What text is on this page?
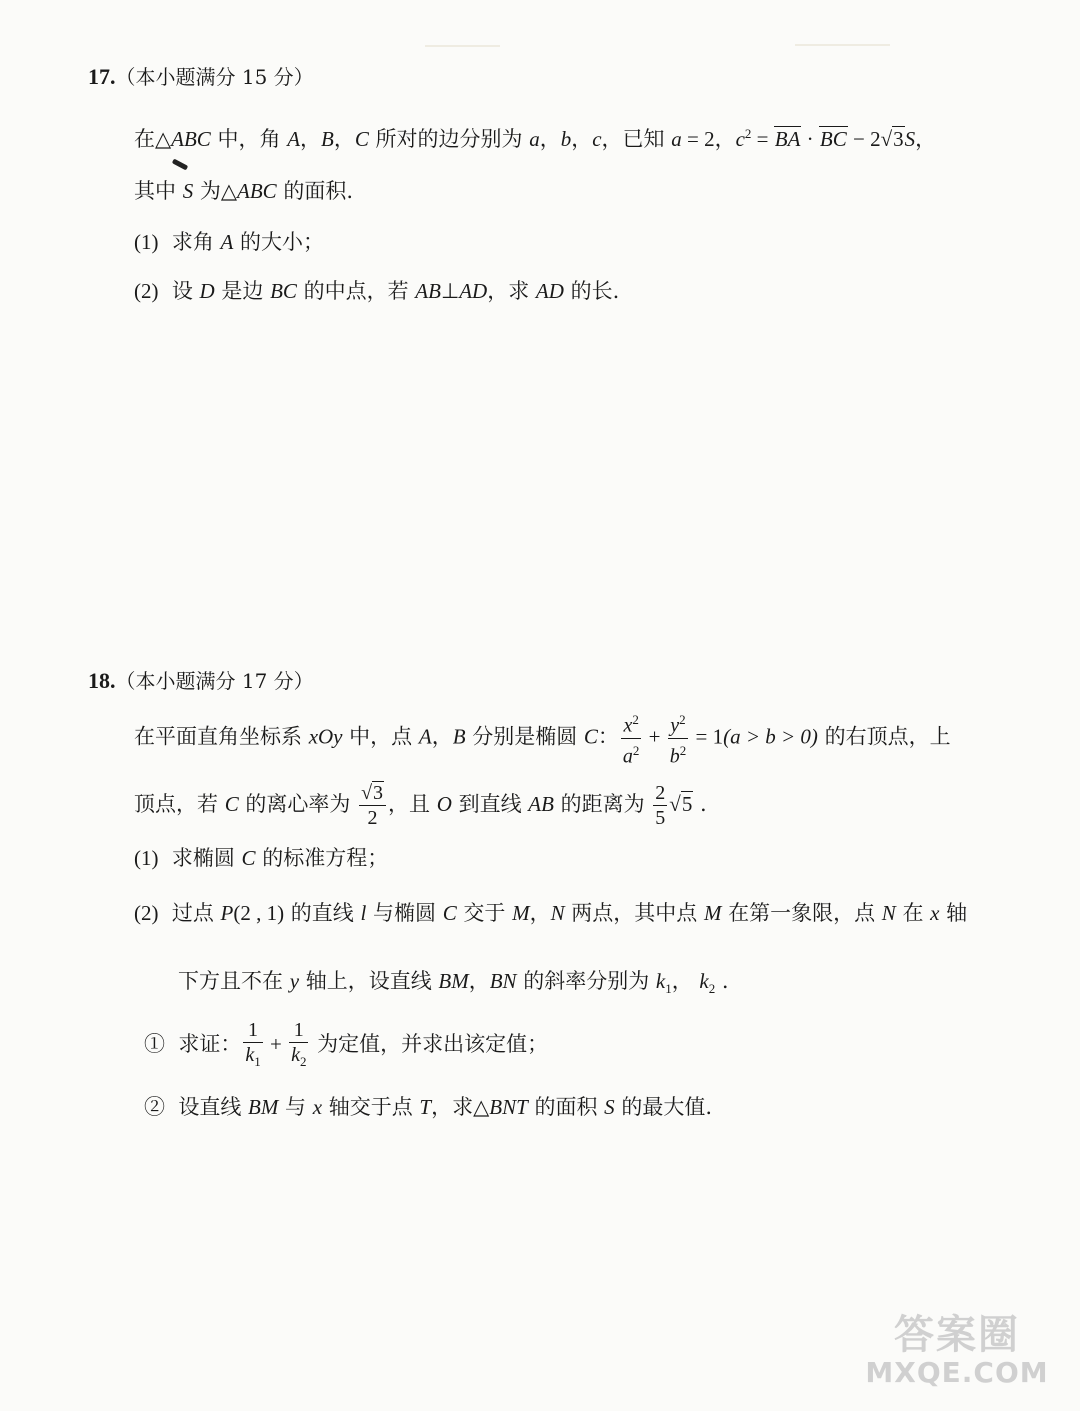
17.（本小题满分 15 分）
在△ABC 中，角 A，B，C 所对的边分别为 a，b，c，已知 a = 2，$c^2$ = BA · BC − 2√3S，
其中 S 为△ABC 的面积.
(1) 求角 A 的大小；
(2) 设 D 是边 BC 的中点，若 AB⊥AD，求 AD 的长.
18.（本小题满分 17 分）
在平面直角坐标系 xOy 中，点 A，B 分别是椭圆 C： $\frac{x^2}{a^2} + \frac{y^2}{b^2} = 1(a > b > 0)$ 的右顶点，上
顶点，若 C 的离心率为 $\frac{√3}{2}$ ，且 O 到直线 AB 的距离为 $\frac{2}{5} √5$ .
(1) 求椭圆 C 的标准方程；
(2) 过点 P(2 , 1) 的直线 l 与椭圆 C 交于 M，N 两点，其中点 M 在第一象限，点 N 在 x 轴
下方且不在 y 轴上，设直线 BM，BN 的斜率分别为 $k_1$， $k_2$ .
① 求证： $\frac{1}{k_1} + \frac{1}{k_2}$ 为定值，并求出该定值；
② 设直线 BM 与 x 轴交于点 T，求△BNT 的面积 S 的最大值.
答案圈
MXQE.COM
